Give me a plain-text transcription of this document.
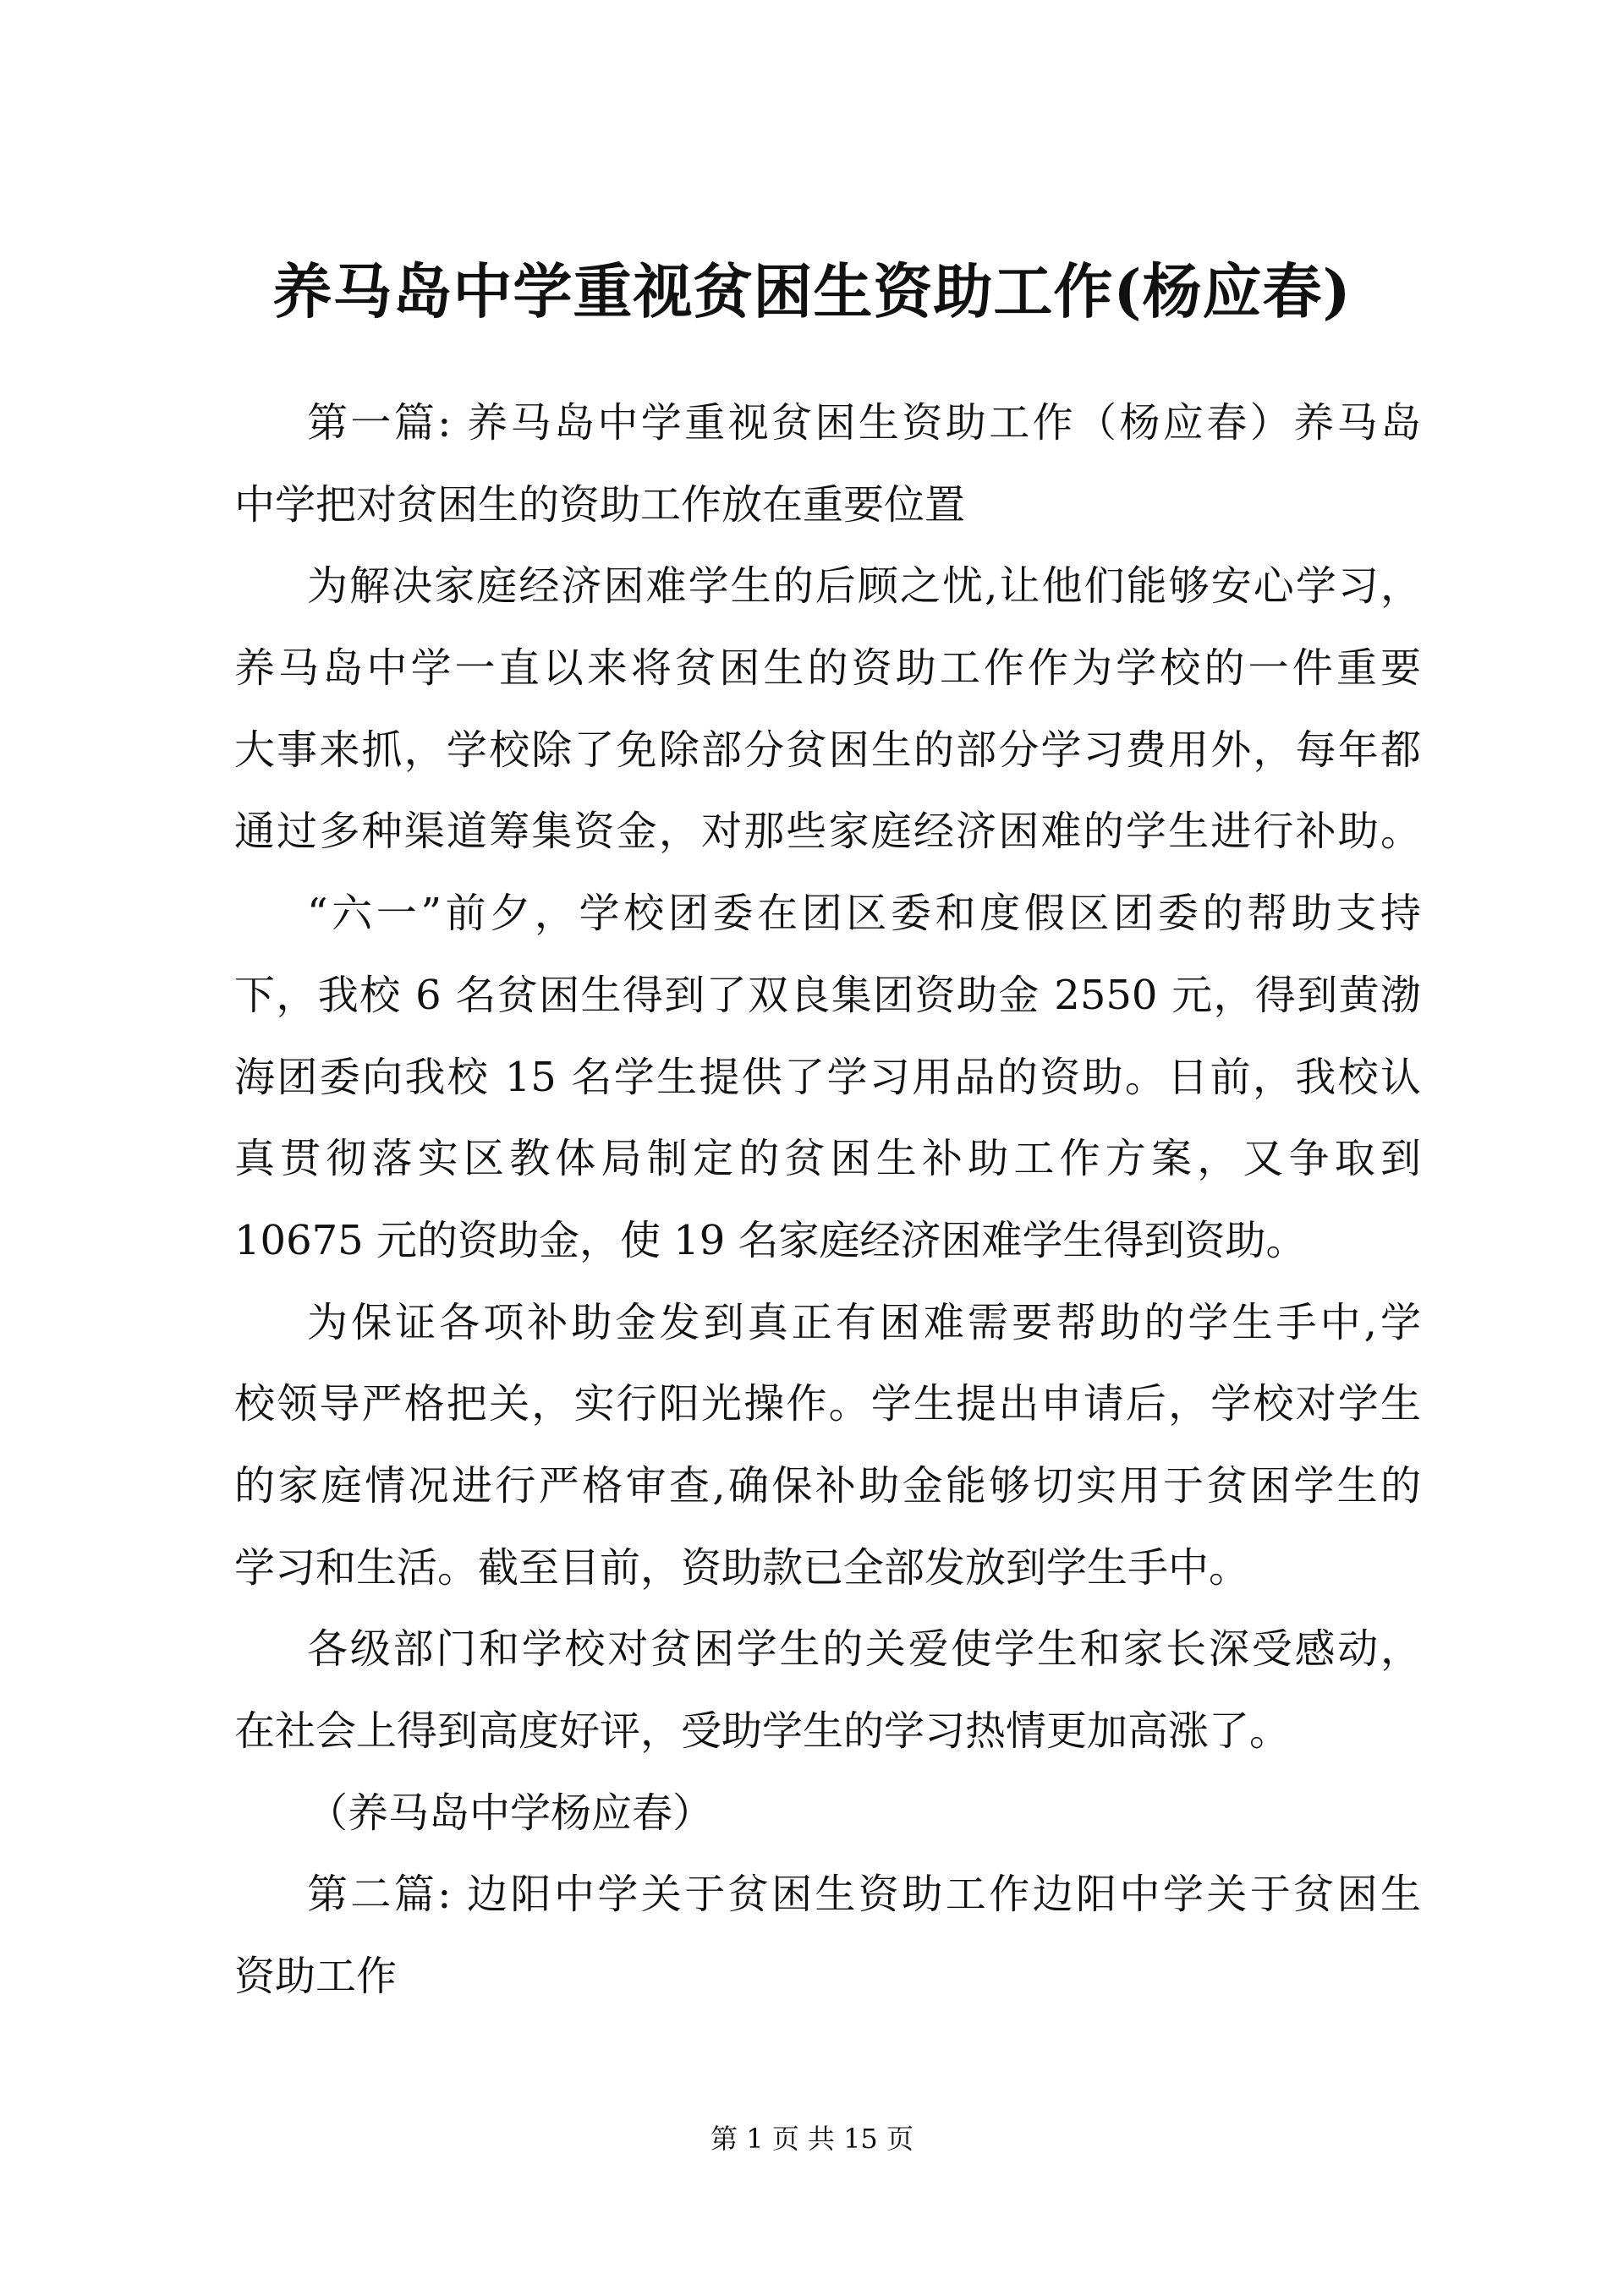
养马岛中学重视贫困生资助工作(杨应春)
第一篇: 养马岛中学重视贫困生资助工作（杨应春）养马岛
中学把对贫困生的资助工作放在重要位置
为解决家庭经济困难学生的后顾之忧,让他们能够安心学习，
养马岛中学一直以来将贫困生的资助工作作为学校的一件重要
大事来抓，学校除了免除部分贫困生的部分学习费用外，每年都
通过多种渠道筹集资金，对那些家庭经济困难的学生进行补助。
“六一”前夕，学校团委在团区委和度假区团委的帮助支持
下，我校 6 名贫困生得到了双良集团资助金 2550 元，得到黄渤
海团委向我校 15 名学生提供了学习用品的资助。日前，我校认
真贯彻落实区教体局制定的贫困生补助工作方案，又争取到
10675 元的资助金，使 19 名家庭经济困难学生得到资助。
为保证各项补助金发到真正有困难需要帮助的学生手中,学
校领导严格把关，实行阳光操作。学生提出申请后，学校对学生
的家庭情况进行严格审查,确保补助金能够切实用于贫困学生的
学习和生活。截至目前，资助款已全部发放到学生手中。
各级部门和学校对贫困学生的关爱使学生和家长深受感动，
在社会上得到高度好评，受助学生的学习热情更加高涨了。
（养马岛中学杨应春）
第二篇: 边阳中学关于贫困生资助工作边阳中学关于贫困生
资助工作
第 1 页 共 15 页
